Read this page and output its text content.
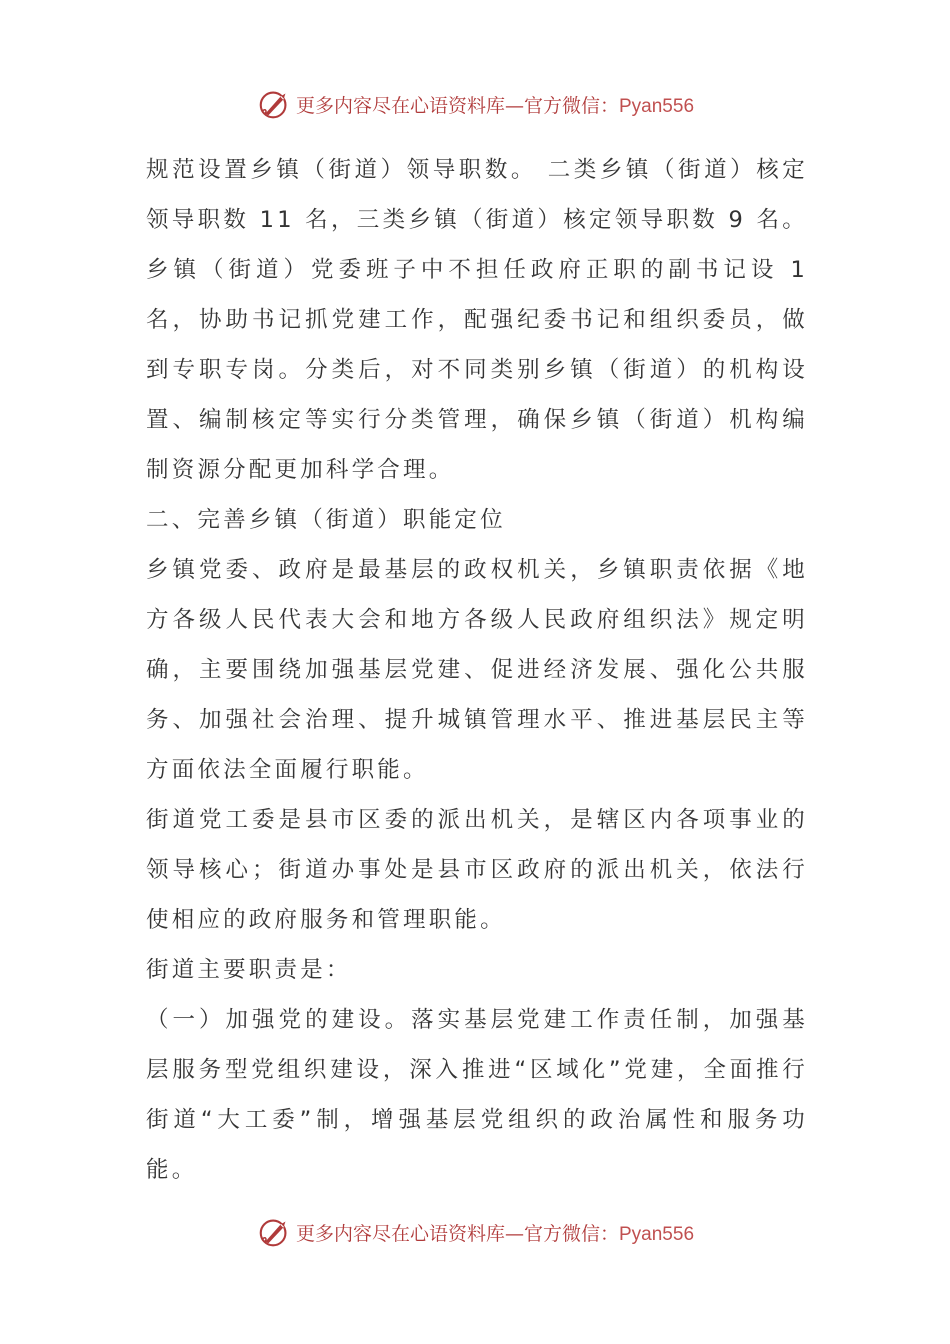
更多内容尽在心语资料库—官方微信：Pyan556

规范设置乡镇（街道）领导职数。 二类乡镇（街道）核定领导职数 11 名，三类乡镇（街道）核定领导职数 9 名。乡镇（街道）党委班子中不担任政府正职的副书记设 1 名，协助书记抓党建工作，配强纪委书记和组织委员，做到专职专岗。分类后，对不同类别乡镇（街道）的机构设置、编制核定等实行分类管理，确保乡镇（街道）机构编制资源分配更加科学合理。

二、完善乡镇（街道）职能定位

乡镇党委、政府是最基层的政权机关，乡镇职责依据《地方各级人民代表大会和地方各级人民政府组织法》规定明确，主要围绕加强基层党建、促进经济发展、强化公共服务、加强社会治理、提升城镇管理水平、推进基层民主等方面依法全面履行职能。

街道党工委是县市区委的派出机关，是辖区内各项事业的领导核心；街道办事处是县市区政府的派出机关，依法行使相应的政府服务和管理职能。

街道主要职责是：

（一）加强党的建设。落实基层党建工作责任制，加强基层服务型党组织建设，深入推进“区域化”党建，全面推行街道“大工委”制，增强基层党组织的政治属性和服务功能。

更多内容尽在心语资料库—官方微信：Pyan556
